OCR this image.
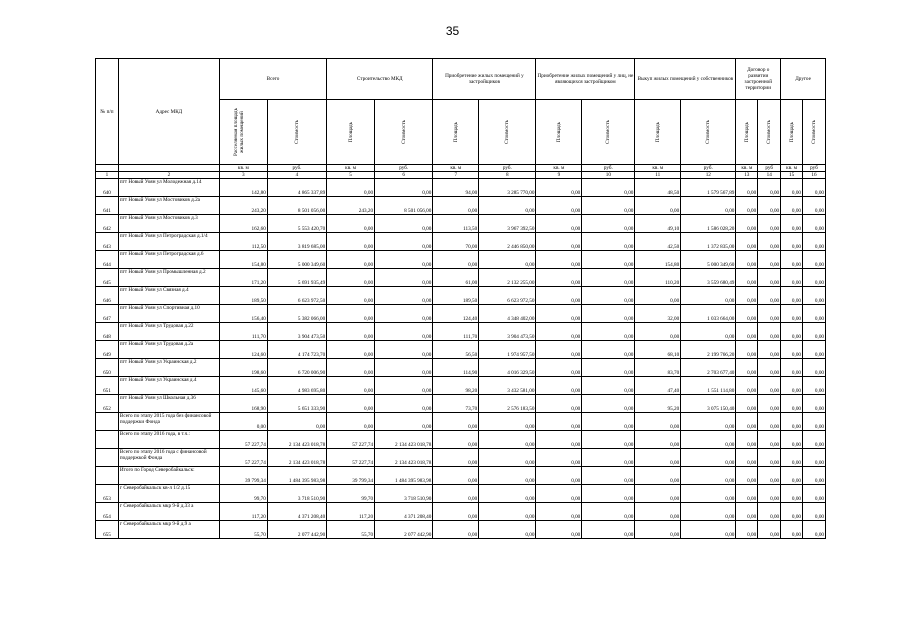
35
№ п/п	Адрес МКД	Всего		Строительство МКД		Приобретение жилых помещений у застройщиков		Приобретение жилых помещений у лиц, не являющихся застройщиком		Выкуп жилых помещений у собственников		Договор о развитии застроенной территории		Другое	

		Расселяемая площадь жилых помещений	Стоимость	Площадь	Стоимость	Площадь	Стоимость	Площадь	Стоимость	Площадь	Стоимость	Площадь	Стоимость	Площадь	Стоимость

		кв. м	руб.	кв. м	руб.	кв. м	руб.	кв. м	руб.	кв. м	руб.	кв. м	руб	кв. м	руб
1	2	3	4	5	6	7	8	9	10	11	12	13	14	15	16
640	пгт Новый Уоян ул Молодежная д.14	142,80	4 865 337,89	0,00	0,00	94,00	3 285 770,00	0,00	0,00	48,50	1 579 567,89	0,00	0,00	0,00	0,00
641	пгт Новый Уоян ул Мостовиков д.2а	243,20	8 501 056,00	243,20	8 501 056,00	0,00	0,00	0,00	0,00	0,00	0,00	0,00	0,00	0,00	0,00
642	пгт Новый Уоян ул Мостовиков д.3	162,60	5 553 420,70	0,00	0,00	113,50	3 967 392,50	0,00	0,00	49,10	1 586 028,20	0,00	0,00	0,00	0,00
643	пгт Новый Уоян ул Петроградская д.1/4	112,50	3 819 685,00	0,00	0,00	70,00	2 446 850,00	0,00	0,00	42,50	1 372 835,00	0,00	0,00	0,00	0,00
644	пгт Новый Уоян ул Петроградская д.6	154,80	5 000 349,60	0,00	0,00	0,00	0,00	0,00	0,00	154,80	5 000 349,60	0,00	0,00	0,00	0,00
645	пгт Новый Уоян ул Промышленная д.2	171,20	5 691 935,49	0,00	0,00	61,00	2 132 255,00	0,00	0,00	110,20	3 559 680,49	0,00	0,00	0,00	0,00
646	пгт Новый Уоян ул Связная д.4	189,50	6 623 972,50	0,00	0,00	189,50	6 623 972,50	0,00	0,00	0,00	0,00	0,00	0,00	0,00	0,00
647	пгт Новый Уоян ул Спортивная д.10	156,40	5 382 066,00	0,00	0,00	124,40	4 348 402,00	0,00	0,00	32,00	1 033 664,00	0,00	0,00	0,00	0,00
648	пгт Новый Уоян ул Трудовая д.22	111,70	3 904 473,50	0,00	0,00	111,70	3 904 473,50	0,00	0,00	0,00	0,00	0,00	0,00	0,00	0,00
649	пгт Новый Уоян ул Трудовая д.2а	124,60	4 174 723,70	0,00	0,00	56,50	1 974 957,50	0,00	0,00	68,10	2 199 766,20	0,00	0,00	0,00	0,00
650	пгт Новый Уоян ул Украинская д.2	198,60	6 720 006,90	0,00	0,00	114,90	4 016 329,50	0,00	0,00	83,70	2 703 677,40	0,00	0,00	0,00	0,00
651	пгт Новый Уоян ул Украинская д.4	145,60	4 983 695,80	0,00	0,00	98,20	3 432 581,00	0,00	0,00	47,40	1 551 114,80	0,00	0,00	0,00	0,00
652	пгт Новый Уоян ул Школьная д.36	168,90	5 651 333,90	0,00	0,00	73,70	2 576 183,50	0,00	0,00	95,20	3 075 150,40	0,00	0,00	0,00	0,00
	Всего по этапу 2015 года без финансовой поддержки Фонда	0,00	0,00	0,00	0,00	0,00	0,00	0,00	0,00	0,00	0,00	0,00	0,00	0,00	0,00
	Всего по этапу 2016 года, в т.ч.:	57 227,74	2 134 423 018,78	57 227,74	2 134 423 018,78	0,00	0,00	0,00	0,00	0,00	0,00	0,00	0,00	0,00	0,00
	Всего по этапу 2016 года с финансовой поддержкой Фонда	57 227,74	2 134 423 018,78	57 227,74	2 134 423 018,78	0,00	0,00	0,00	0,00	0,00	0,00	0,00	0,00	0,00	0,00
	Итого по Город Северобайкальск:	39 799,34	1 484 395 983,98	39 799,34	1 484 395 983,98	0,00	0,00	0,00	0,00	0,00	0,00	0,00	0,00	0,00	0,00
653	г Северобайкальск кв-л 1/2 д.15	99,70	3 718 510,90	99,70	3 718 510,90	0,00	0,00	0,00	0,00	0,00	0,00	0,00	0,00	0,00	0,00
654	г Северобайкальск мкр 9-й д.33 а	117,20	4 371 208,40	117,20	4 371 208,40	0,00	0,00	0,00	0,00	0,00	0,00	0,00	0,00	0,00	0,00
655	г Северобайкальск мкр 9-й д.9 а	55,70	2 077 442,90	55,70	2 077 442,90	0,00	0,00	0,00	0,00	0,00	0,00	0,00	0,00	0,00	0,00
